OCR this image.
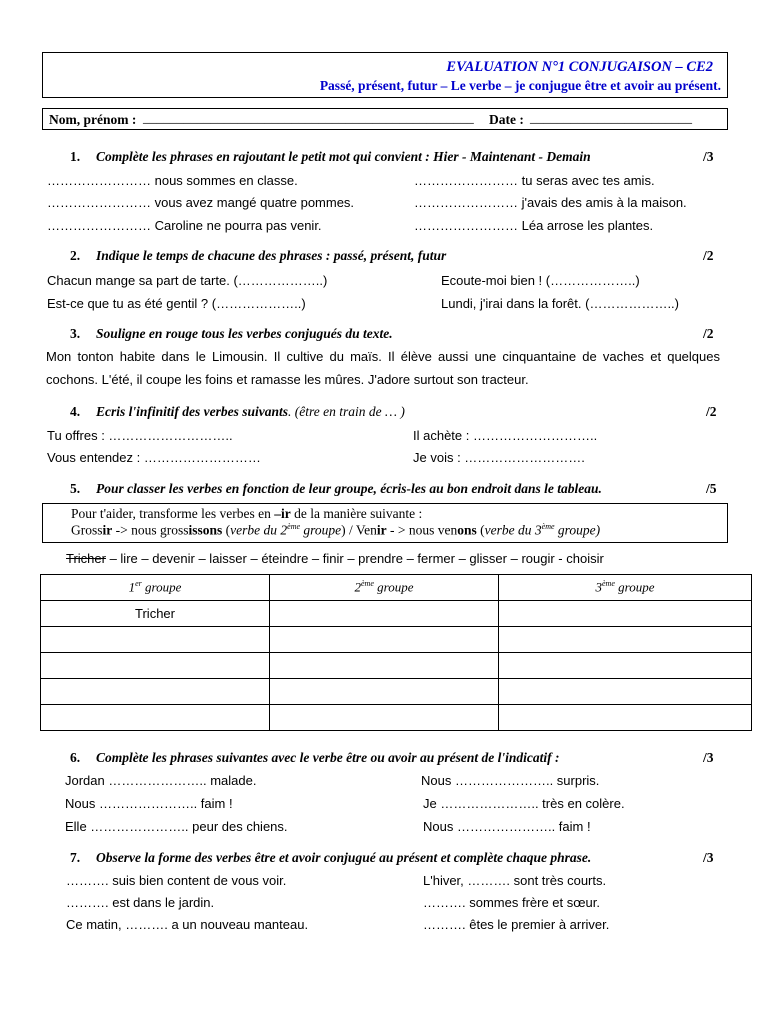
EVALUATION N°1 CONJUGAISON – CE2
Passé, présent, futur – Le verbe – je conjugue être et avoir au présent.
Nom, prénom : _________________________________________________ Date : ________________________
1. Complète les phrases en rajoutant le petit mot qui convient : Hier - Maintenant - Demain	/3
…………………… nous sommes en classe.	…………………… tu seras avec tes amis.
…………………… vous avez mangé quatre pommes.	…………………… j'avais des amis à la maison.
…………………… Caroline ne pourra pas venir.	…………………… Léa arrose les plantes.
2. Indique le temps de chacune des phrases : passé, présent, futur	/2
Chacun mange sa part de tarte. (………………..)	Ecoute-moi bien ! (………………..)
Est-ce que tu as été gentil ? (………………..)	Lundi, j'irai dans la forêt. (………………..)
3. Souligne en rouge tous les verbes conjugués du texte.	/2
Mon tonton habite dans le Limousin. Il cultive du maïs. Il élève aussi une cinquantaine de vaches et quelques cochons. L'été, il coupe les foins et ramasse les mûres. J'adore surtout son tracteur.
4. Ecris l'infinitif des verbes suivants. (être en train de … )	/2
Tu offres : ………………………..	Il achète : ………………………..
Vous entendez : ………………………	Je vois : ……………………….
5. Pour classer les verbes en fonction de leur groupe, écris-les au bon endroit dans le tableau.	/5
Pour t'aider, transforme les verbes en –ir de la manière suivante :
Grossir -> nous grossissons (verbe du 2ème groupe) / Venir - > nous venons (verbe du 3ème groupe)
Tricher – lire – devenir – laisser – éteindre – finir – prendre – fermer – glisser – rougir - choisir
1er groupe	2ème groupe	3ème groupe
Tricher		

6. Complète les phrases suivantes avec le verbe être ou avoir au présent de l'indicatif :	/3
Jordan ………………….. malade.	Nous ………………….. surpris.
Nous ………………….. faim !	Je ………………….. très en colère.
Elle ………………….. peur des chiens.	Nous ………………….. faim !
7. Observe la forme des verbes être et avoir conjugué au présent et complète chaque phrase.	/3
………. suis bien content de vous voir.	L'hiver, ………. sont très courts.
………. est dans le jardin.	………. sommes frère et sœur.
Ce matin, ………. a un nouveau manteau.	………. êtes le premier à arriver.
